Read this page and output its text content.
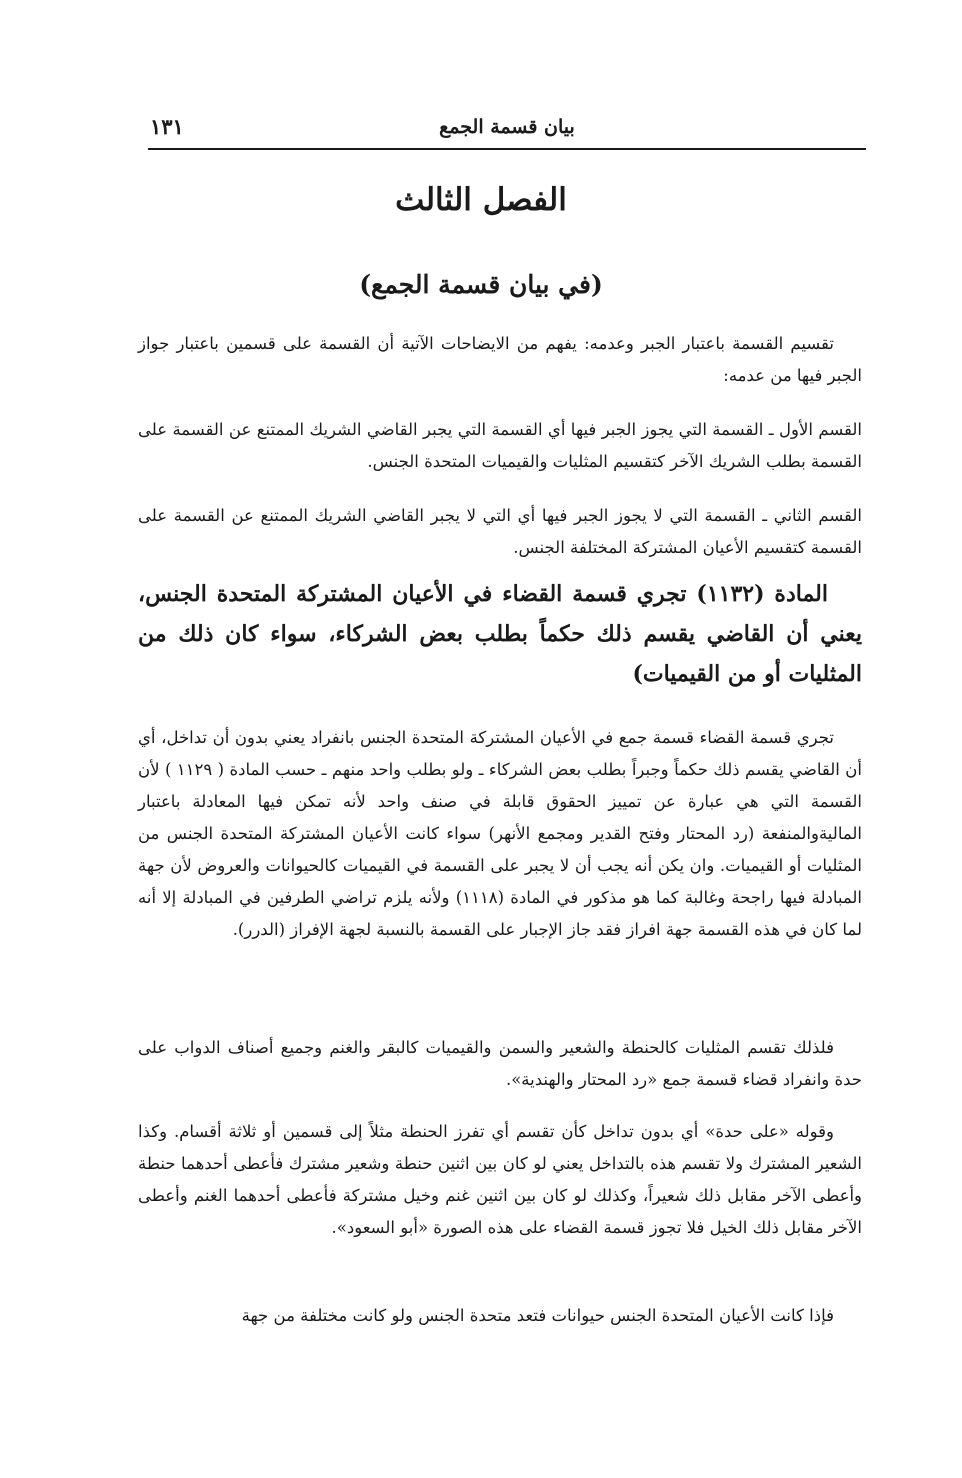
بيان قسمة الجمع
١٣١
الفصل الثالث
(في بيان قسمة الجمع)
تقسيم القسمة باعتبار الجبر وعدمه: يفهم من الايضاحات الآتية أن القسمة على قسمين باعتبار جواز الجبر فيها من عدمه:
القسم الأول ـ القسمة التي يجوز الجبر فيها أي القسمة التي يجبر القاضي الشريك الممتنع عن القسمة على القسمة بطلب الشريك الآخر كتقسيم المثليات والقيميات المتحدة الجنس.
القسم الثاني ـ القسمة التي لا يجوز الجبر فيها أي التي لا يجبر القاضي الشريك الممتنع عن القسمة على القسمة كتقسيم الأعيان المشتركة المختلفة الجنس.
المادة (١١٣٢) تجري قسمة القضاء في الأعيان المشتركة المتحدة الجنس، يعني أن القاضي يقسم ذلك حكماً بطلب بعض الشركاء، سواء كان ذلك من المثليات أو من القيميات)
تجري قسمة القضاء قسمة جمع في الأعيان المشتركة المتحدة الجنس بانفراد يعني بدون أن تداخل، أي أن القاضي يقسم ذلك حكماً وجبراً بطلب بعض الشركاء ـ ولو بطلب واحد منهم ـ حسب المادة ( ١١٢٩ ) لأن القسمة التي هي عبارة عن تمييز الحقوق قابلة في صنف واحد لأنه تمكن فيها المعادلة باعتبار الماليةوالمنفعة (رد المحتار وفتح القدير ومجمع الأنهر) سواء كانت الأعيان المشتركة المتحدة الجنس من المثليات أو القيميات. وان يكن أنه يجب أن لا يجبر على القسمة في القيميات كالحيوانات والعروض لأن جهة المبادلة فيها راجحة وغالبة كما هو مذكور في المادة (١١١٨) ولأنه يلزم تراضي الطرفين في المبادلة إلا أنه لما كان في هذه القسمة جهة افراز فقد جاز الإجبار على القسمة بالنسبة لجهة الإفراز (الدرر).
فلذلك تقسم المثليات كالحنطة والشعير والسمن والقيميات كالبقر والغنم وجميع أصناف الدواب على حدة وانفراد قضاء قسمة جمع «رد المحتار والهندية».
وقوله «على حدة» أي بدون تداخل كأن تقسم أي تفرز الحنطة مثلاً إلى قسمين أو ثلاثة أقسام. وكذا الشعير المشترك ولا تقسم هذه بالتداخل يعني لو كان بين اثنين حنطة وشعير مشترك فأعطى أحدهما حنطة وأعطى الآخر مقابل ذلك شعيراً، وكذلك لو كان بين اثنين غنم وخيل مشتركة فأعطى أحدهما الغنم وأعطى الآخر مقابل ذلك الخيل فلا تجوز قسمة القضاء على هذه الصورة «أبو السعود».
فإذا كانت الأعيان المتحدة الجنس حيوانات فتعد متحدة الجنس ولو كانت مختلفة من جهة
